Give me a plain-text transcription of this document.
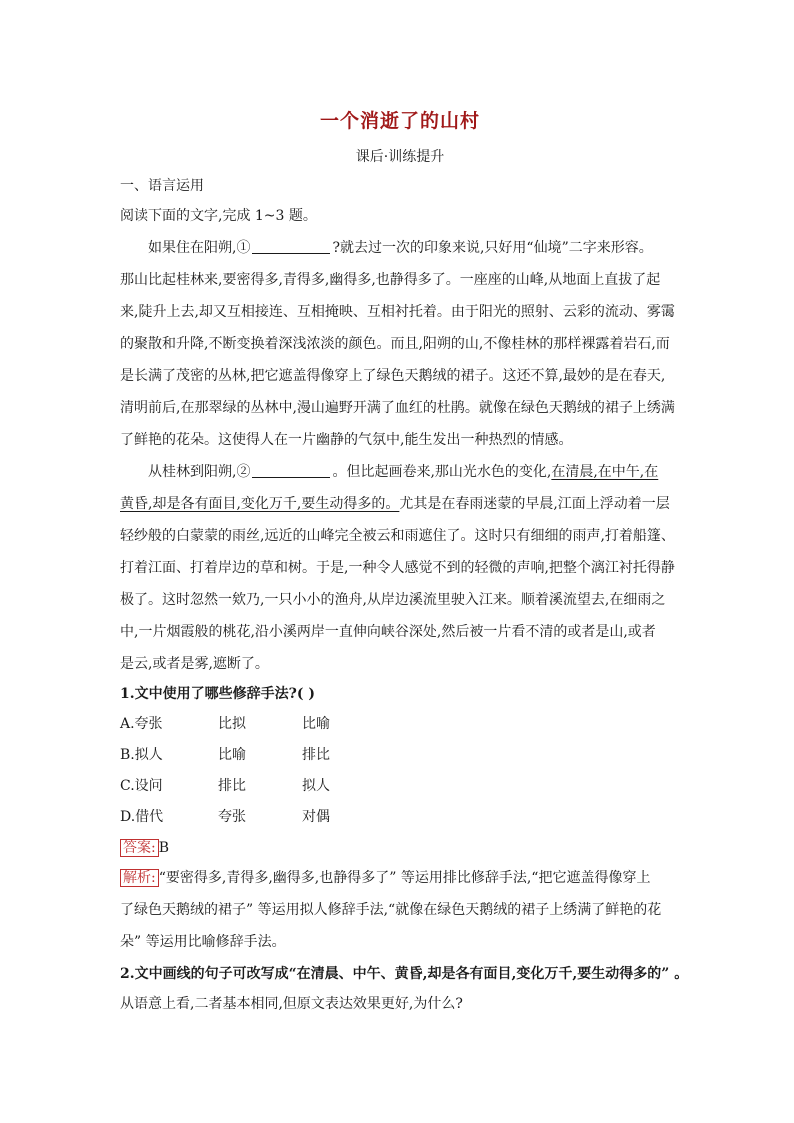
一个消逝了的山村
课后·训练提升
一、语言运用
阅读下面的文字,完成 1~3 题。
如果住在阳朔,①	?就去过一次的印象来说,只好用“仙境”二字来形容。
那山比起桂林来,要密得多,青得多,幽得多,也静得多了。一座座的山峰,从地面上直拔了起
来,陡升上去,却又互相接连、互相掩映、互相衬托着。由于阳光的照射、云彩的流动、雾霭
的聚散和升降,不断变换着深浅浓淡的颜色。而且,阳朔的山,不像桂林的那样裸露着岩石,而
是长满了茂密的丛林,把它遮盖得像穿上了绿色天鹅绒的裙子。这还不算,最妙的是在春天,
清明前后,在那翠绿的丛林中,漫山遍野开满了血红的杜鹃。就像在绿色天鹅绒的裙子上绣满
了鲜艳的花朵。这使得人在一片幽静的气氛中,能生发出一种热烈的情感。
从桂林到阳朔,②	。但比起画卷来,那山光水色的变化,在清晨,在中午,在
黄昏,却是各有面目,变化万千,要生动得多的。尤其是在春雨迷蒙的早晨,江面上浮动着一层
轻纱般的白蒙蒙的雨丝,远近的山峰完全被云和雨遮住了。这时只有细细的雨声,打着船篷、
打着江面、打着岸边的草和树。于是,一种令人感觉不到的轻微的声响,把整个漓江衬托得静
极了。这时忽然一欸乃,一只小小的渔舟,从岸边溪流里驶入江来。顺着溪流望去,在细雨之
中,一片烟霞般的桃花,沿小溪两岸一直伸向峡谷深处,然后被一片看不清的或者是山,或者
是云,或者是雾,遮断了。
1.文中使用了哪些修辞手法?( )
A.夸张	比拟	比喻
B.拟人	比喻	排比
C.设问	排比	拟人
D.借代	夸张	对偶
答案: B
解析: “要密得多,青得多,幽得多,也静得多了” 等运用排比修辞手法,“把它遮盖得像穿上
了绿色天鹅绒的裙子” 等运用拟人修辞手法,“就像在绿色天鹅绒的裙子上绣满了鲜艳的花
朵” 等运用比喻修辞手法。
2.文中画线的句子可改写成“在清晨、中午、黄昏,却是各有面目,变化万千,要生动得多的” 。
从语意上看,二者基本相同,但原文表达效果更好,为什么?
